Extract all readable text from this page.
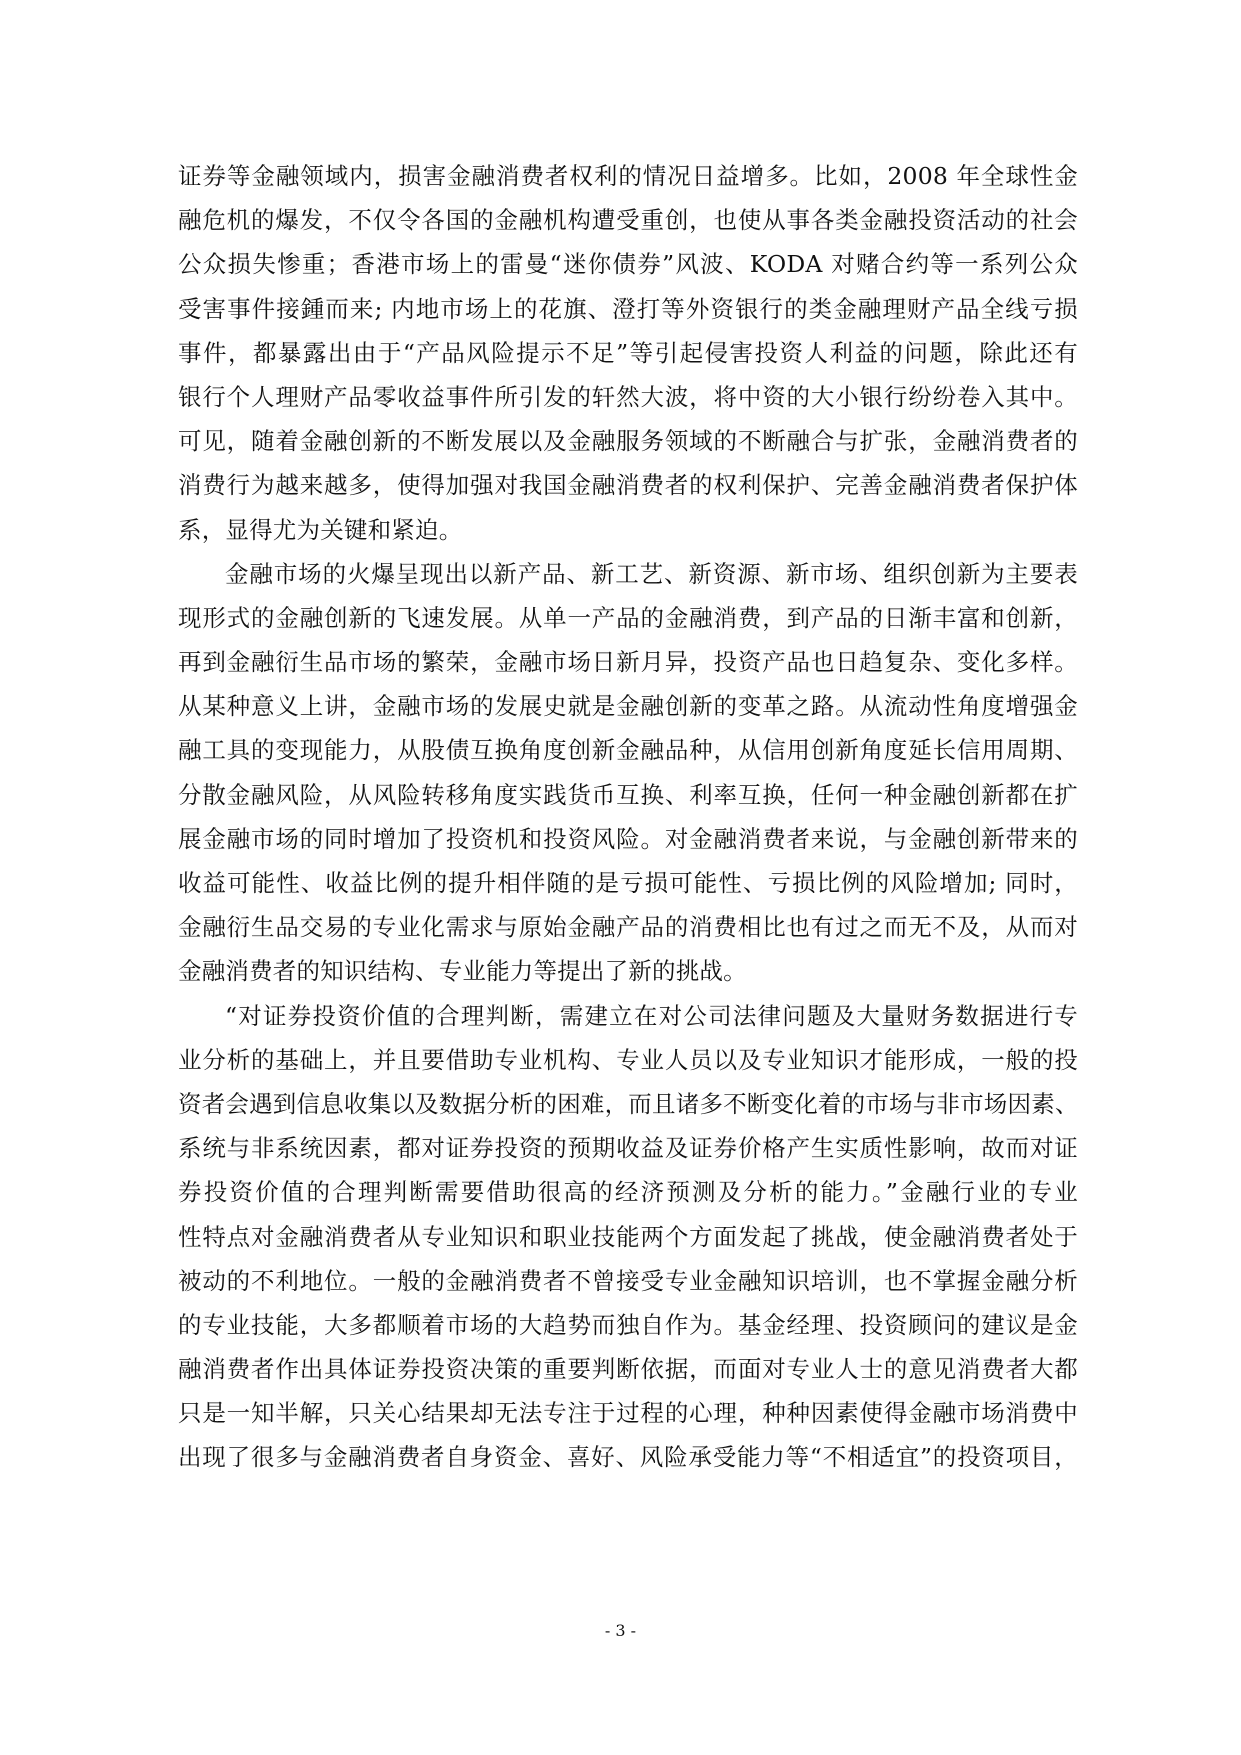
证券等金融领域内，损害金融消费者权利的情况日益增多。比如，2008 年全球性金
融危机的爆发，不仅令各国的金融机构遭受重创，也使从事各类金融投资活动的社会
公众损失惨重；香港市场上的雷曼“迷你债券”风波、KODA 对赌合约等一系列公众
受害事件接鍾而来; 内地市场上的花旗、澄打等外资银行的类金融理财产品全线亏损
事件，都暴露出由于“产品风险提示不足”等引起侵害投资人利益的问题，除此还有
银行个人理财产品零收益事件所引发的轩然大波，将中资的大小银行纷纷卷入其中。
可见，随着金融创新的不断发展以及金融服务领域的不断融合与扩张，金融消费者的
消费行为越来越多，使得加强对我国金融消费者的权利保护、完善金融消费者保护体
系，显得尤为关键和紧迫。
金融市场的火爆呈现出以新产品、新工艺、新资源、新市场、组织创新为主要表
现形式的金融创新的飞速发展。从单一产品的金融消费，到产品的日渐丰富和创新，
再到金融衍生品市场的繁荣，金融市场日新月异，投资产品也日趋复杂、变化多样。
从某种意义上讲，金融市场的发展史就是金融创新的变革之路。从流动性角度增强金
融工具的变现能力，从股债互换角度创新金融品种，从信用创新角度延长信用周期、
分散金融风险，从风险转移角度实践货币互换、利率互换，任何一种金融创新都在扩
展金融市场的同时增加了投资机和投资风险。对金融消费者来说，与金融创新带来的
收益可能性、收益比例的提升相伴随的是亏损可能性、亏损比例的风险增加; 同时，
金融衍生品交易的专业化需求与原始金融产品的消费相比也有过之而无不及，从而对
金融消费者的知识结构、专业能力等提出了新的挑战。
“对证券投资价值的合理判断，需建立在对公司法律问题及大量财务数据进行专
业分析的基础上，并且要借助专业机构、专业人员以及专业知识才能形成，一般的投
资者会遇到信息收集以及数据分析的困难，而且诸多不断变化着的市场与非市场因素、
系统与非系统因素，都对证券投资的预期收益及证券价格产生实质性影响，故而对证
券投资价值的合理判断需要借助很高的经济预测及分析的能力。”金融行业的专业
性特点对金融消费者从专业知识和职业技能两个方面发起了挑战，使金融消费者处于
被动的不利地位。一般的金融消费者不曾接受专业金融知识培训，也不掌握金融分析
的专业技能，大多都顺着市场的大趋势而独自作为。基金经理、投资顾问的建议是金
融消费者作出具体证券投资决策的重要判断依据，而面对专业人士的意见消费者大都
只是一知半解，只关心结果却无法专注于过程的心理，种种因素使得金融市场消费中
出现了很多与金融消费者自身资金、喜好、风险承受能力等“不相适宜”的投资项目，
- 3 -
